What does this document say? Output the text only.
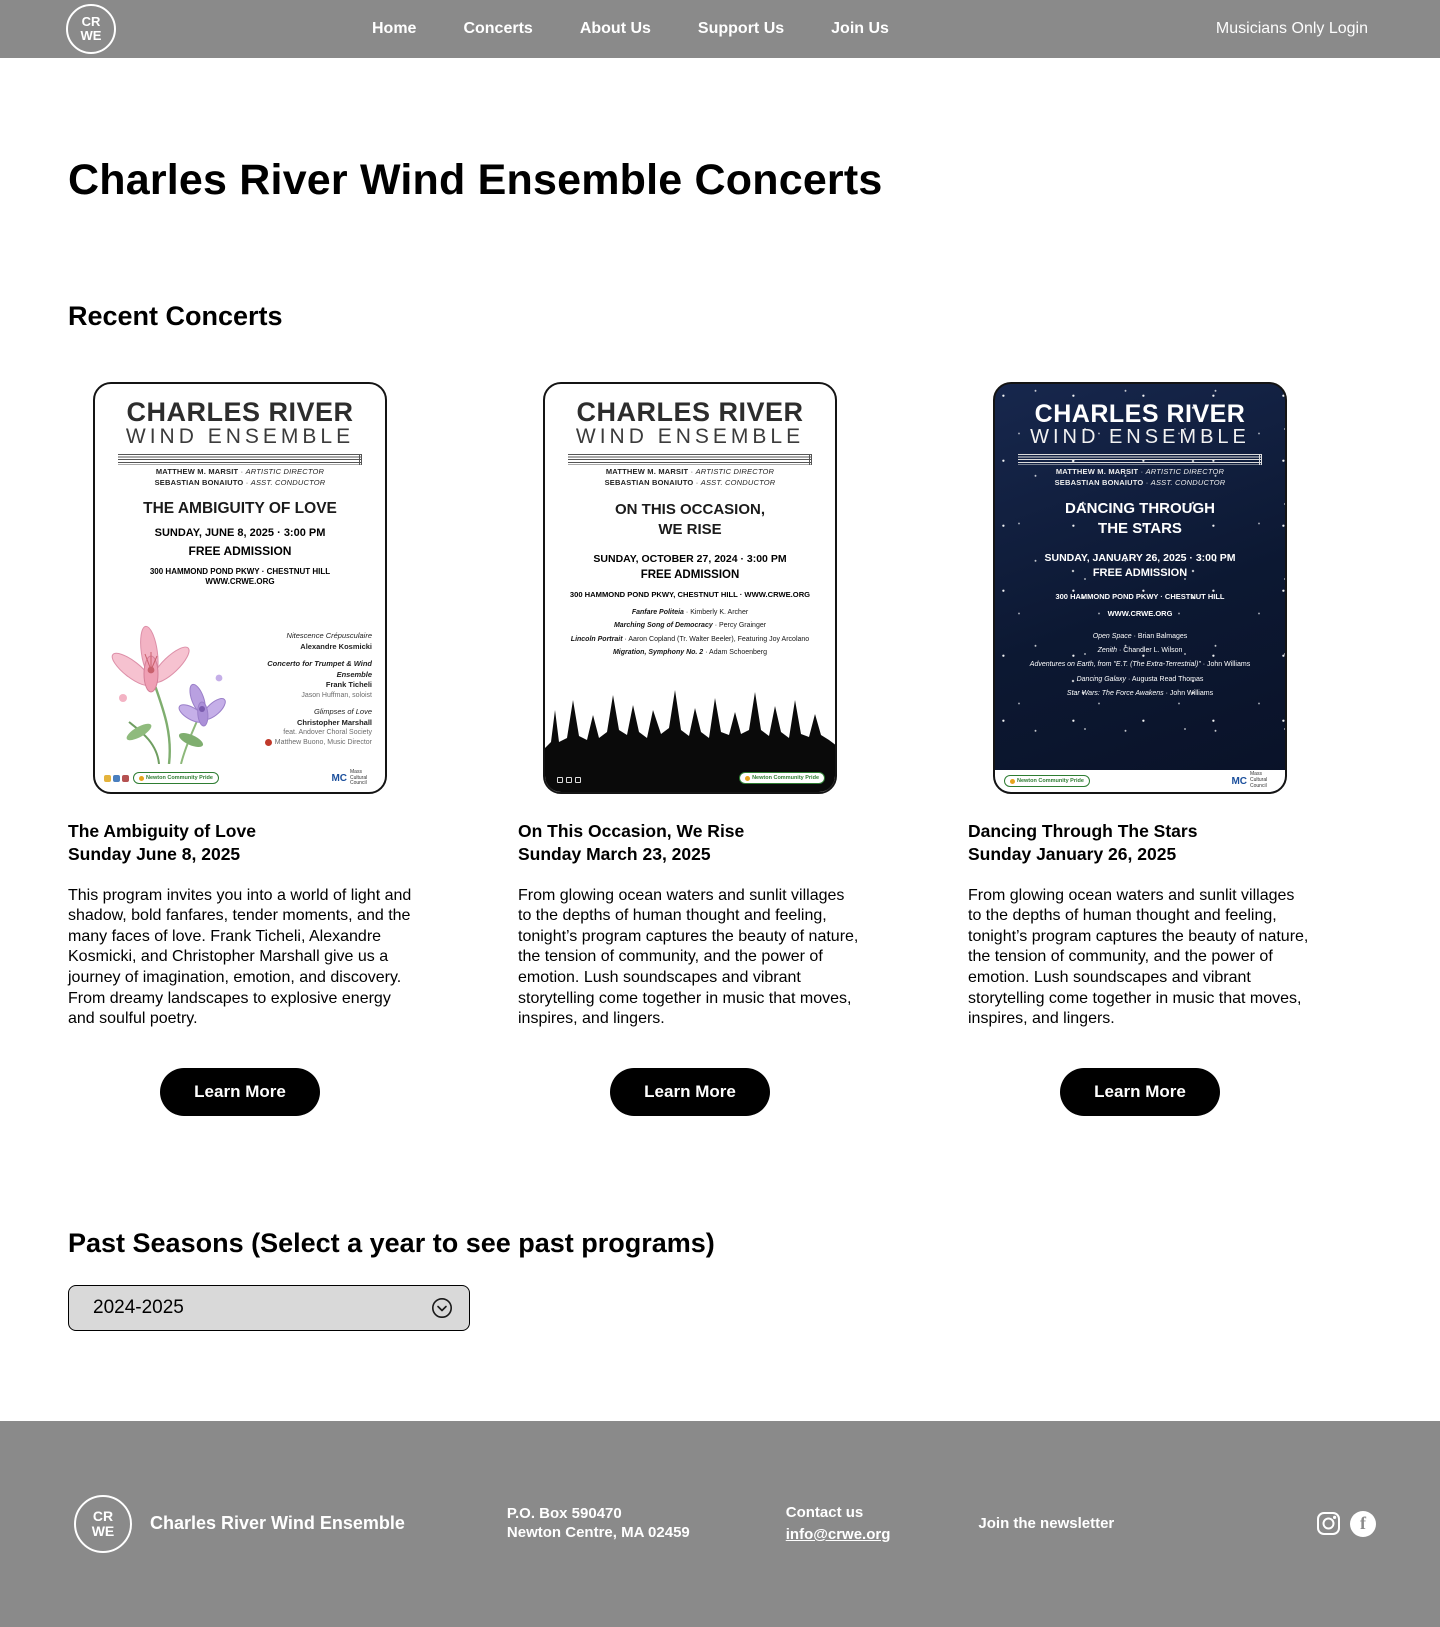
CR
WE	Home	Concerts	About Us	Support Us	Join Us	Musicians Only Login
Charles River Wind Ensemble Concerts
Recent Concerts
CHARLES RIVER
WIND ENSEMBLE
MATTHEW M. MARSIT · ARTISTIC DIRECTOR
SEBASTIAN BONAIUTO · ASST. CONDUCTOR
THE AMBIGUITY OF LOVE
SUNDAY, JUNE 8, 2025 · 3:00 PM
FREE ADMISSION
300 HAMMOND POND PKWY · CHESTNUT HILL
WWW.CRWE.ORG
Nitescence Crépusculaire
Alexandre Kosmicki
Concerto for Trumpet & Wind Ensemble
Frank Ticheli
Jason Huffman, soloist
Glimpses of Love
Christopher Marshall
feat. Andover Choral Society
Matthew Buono, Music Director
Newton Community Pride	MC
Mass Cultural Council
The Ambiguity of Love
Sunday June 8, 2025

This program invites you into a world of light and shadow, bold fanfares, tender moments, and the many faces of love. Frank Ticheli, Alexandre Kosmicki, and Christopher Marshall give us a journey of imagination, emotion, and discovery. From dreamy landscapes to explosive energy and soulful poetry.

Learn More
CHARLES RIVER
WIND ENSEMBLE
MATTHEW M. MARSIT · ARTISTIC DIRECTOR
SEBASTIAN BONAIUTO · ASST. CONDUCTOR
ON THIS OCCASION,
WE RISE
SUNDAY, OCTOBER 27, 2024 · 3:00 PM
FREE ADMISSION
300 HAMMOND POND PKWY, CHESTNUT HILL · WWW.CRWE.ORG
Fanfare Politeia · Kimberly K. Archer
Marching Song of Democracy · Percy Grainger
Lincoln Portrait · Aaron Copland (Tr. Walter Beeler), Featuring Joy Arcolano
Migration, Symphony No. 2 · Adam Schoenberg
Newton Community Pride
On This Occasion, We Rise
Sunday March 23, 2025

From glowing ocean waters and sunlit villages to the depths of human thought and feeling, tonight’s program captures the beauty of nature, the tension of community, and the power of emotion. Lush soundscapes and vibrant storytelling come together in music that moves, inspires, and lingers.

Learn More
CHARLES RIVER
WIND ENSEMBLE
MATTHEW M. MARSIT · ARTISTIC DIRECTOR
SEBASTIAN BONAIUTO · ASST. CONDUCTOR
DANCING THROUGH
THE STARS
SUNDAY, JANUARY 26, 2025 · 3:00 PM
FREE ADMISSION
300 HAMMOND POND PKWY · CHESTNUT HILL
WWW.CRWE.ORG
Open Space · Brian Balmages
Zenith · Chandler L. Wilson
Adventures on Earth, from "E.T. (The Extra-Terrestrial)" · John Williams
Dancing Galaxy · Augusta Read Thomas
Star Wars: The Force Awakens · John Williams
Newton Community Pride	MC
Mass Cultural Council
Dancing Through The Stars
Sunday January 26, 2025

From glowing ocean waters and sunlit villages to the depths of human thought and feeling, tonight’s program captures the beauty of nature, the tension of community, and the power of emotion. Lush soundscapes and vibrant storytelling come together in music that moves, inspires, and lingers.

Learn More
Past Seasons (Select a year to see past programs)
2024-2025
CR
WE Charles River Wind Ensemble	P.O. Box 590470
Newton Centre, MA 02459
Contact us
info@crwe.org
Join the newsletter	f
